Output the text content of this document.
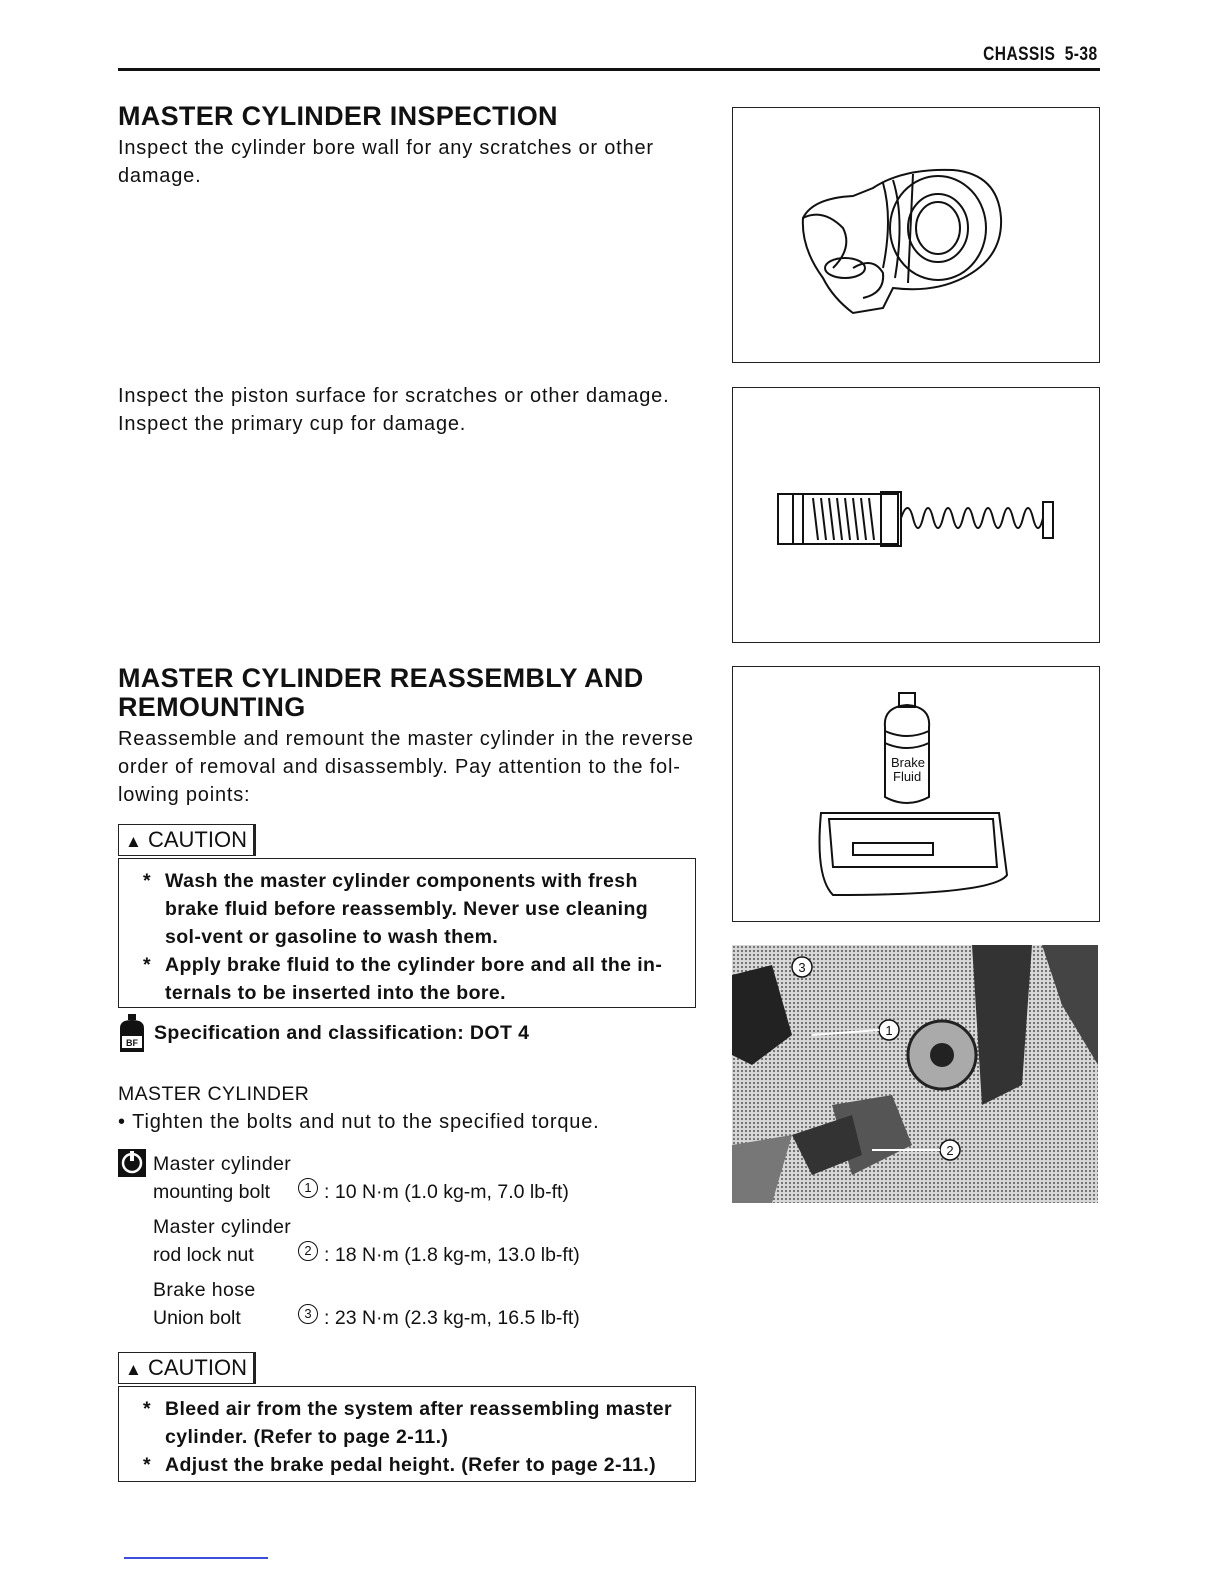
CHASSIS 5-38
MASTER CYLINDER INSPECTION

Inspect the cylinder bore wall for any scratches or other damage.

Inspect the piston surface for scratches or other damage.

Inspect the primary cup for damage.

MASTER CYLINDER REASSEMBLY AND
REMOUNTING

Reassemble and remount the master cylinder in the reverse order of removal and disassembly. Pay attention to the fol-lowing points:

Brake
Fluid
1
2
3
▲ CAUTION
* Wash the master cylinder components with fresh brake fluid before reassembly. Never use cleaning sol-vent or gasoline to wash them.
* Apply brake fluid to the cylinder bore and all the in-ternals to be inserted into the bore.
BF Specification and classification: DOT 4
MASTER CYLINDER
• Tighten the bolts and nut to the specified torque.
Master cylinder
mounting bolt	1 : 10 N·m (1.0 kg-m, 7.0 lb-ft)
Master cylinder
rod lock nut	2 : 18 N·m (1.8 kg-m, 13.0 lb-ft)
Brake hose
Union bolt	3 : 23 N·m (2.3 kg-m, 16.5 lb-ft)
▲ CAUTION
* Bleed air from the system after reassembling master cylinder. (Refer to page 2-11.)
* Adjust the brake pedal height. (Refer to page 2-11.)
